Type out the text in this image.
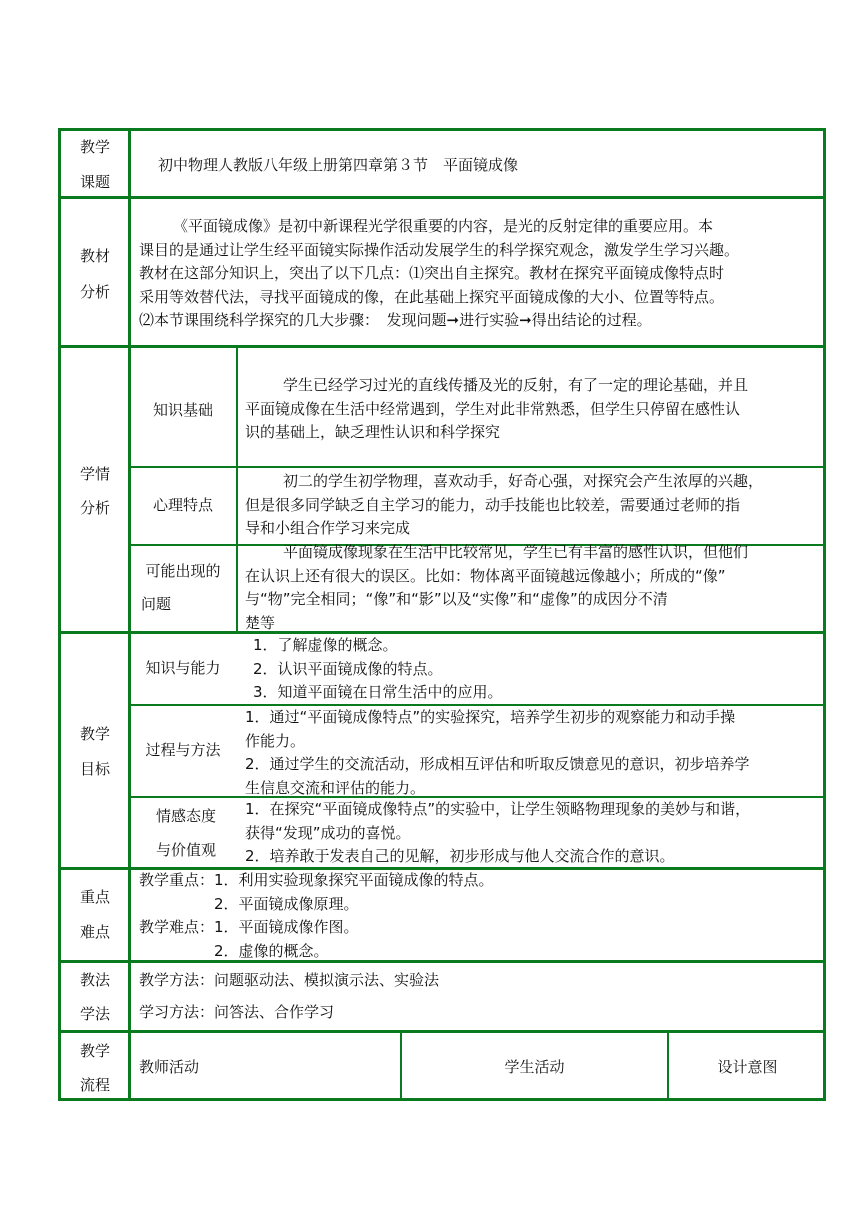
教学
课题
初中物理人教版八年级上册第四章第３节　平面镜成像
教材
分析
《平面镜成像》是初中新课程光学很重要的内容，是光的反射定律的重要应用。本
课目的是通过让学生经平面镜实际操作活动发展学生的科学探究观念，激发学生学习兴趣。
教材在这部分知识上，突出了以下几点：⑴突出自主探究。教材在探究平面镜成像特点时
采用等效替代法，寻找平面镜成的像，在此基础上探究平面镜成像的大小、位置等特点。
⑵本节课围绕科学探究的几大步骤：　发现问题➞进行实验➞得出结论的过程。
学情
分析
知识基础
学生已经学习过光的直线传播及光的反射，有了一定的理论基础，并且
平面镜成像在生活中经常遇到，学生对此非常熟悉，但学生只停留在感性认
识的基础上，缺乏理性认识和科学探究
心理特点
初二的学生初学物理，喜欢动手，好奇心强，对探究会产生浓厚的兴趣，
但是很多同学缺乏自主学习的能力，动手技能也比较差，需要通过老师的指
导和小组合作学习来完成
可能出现的
问题
平面镜成像现象在生活中比较常见，学生已有丰富的感性认识，但他们
在认识上还有很大的误区。比如：物体离平面镜越远像越小；所成的“像”
与“物”完全相同；“像”和“影”以及“实像”和“虚像”的成因分不清
楚等
教学
目标
知识与能力
1．了解虚像的概念。
2．认识平面镜成像的特点。
3．知道平面镜在日常生活中的应用。
过程与方法
1．通过“平面镜成像特点”的实验探究，培养学生初步的观察能力和动手操
作能力。
2．通过学生的交流活动，形成相互评估和听取反馈意见的意识，初步培养学
生信息交流和评估的能力。
情感态度
与价值观
1．在探究“平面镜成像特点”的实验中，让学生领略物理现象的美妙与和谐，
获得“发现”成功的喜悦。
2．培养敢于发表自己的见解，初步形成与他人交流合作的意识。
重点
难点
教学重点：1．利用实验现象探究平面镜成像的特点。
　　　　　2．平面镜成像原理。
教学难点：1．平面镜成像作图。
　　　　　2．虚像的概念。
教法
学法
教学方法：问题驱动法、模拟演示法、实验法
学习方法：问答法、合作学习
教学
流程
教师活动	学生活动	设计意图
